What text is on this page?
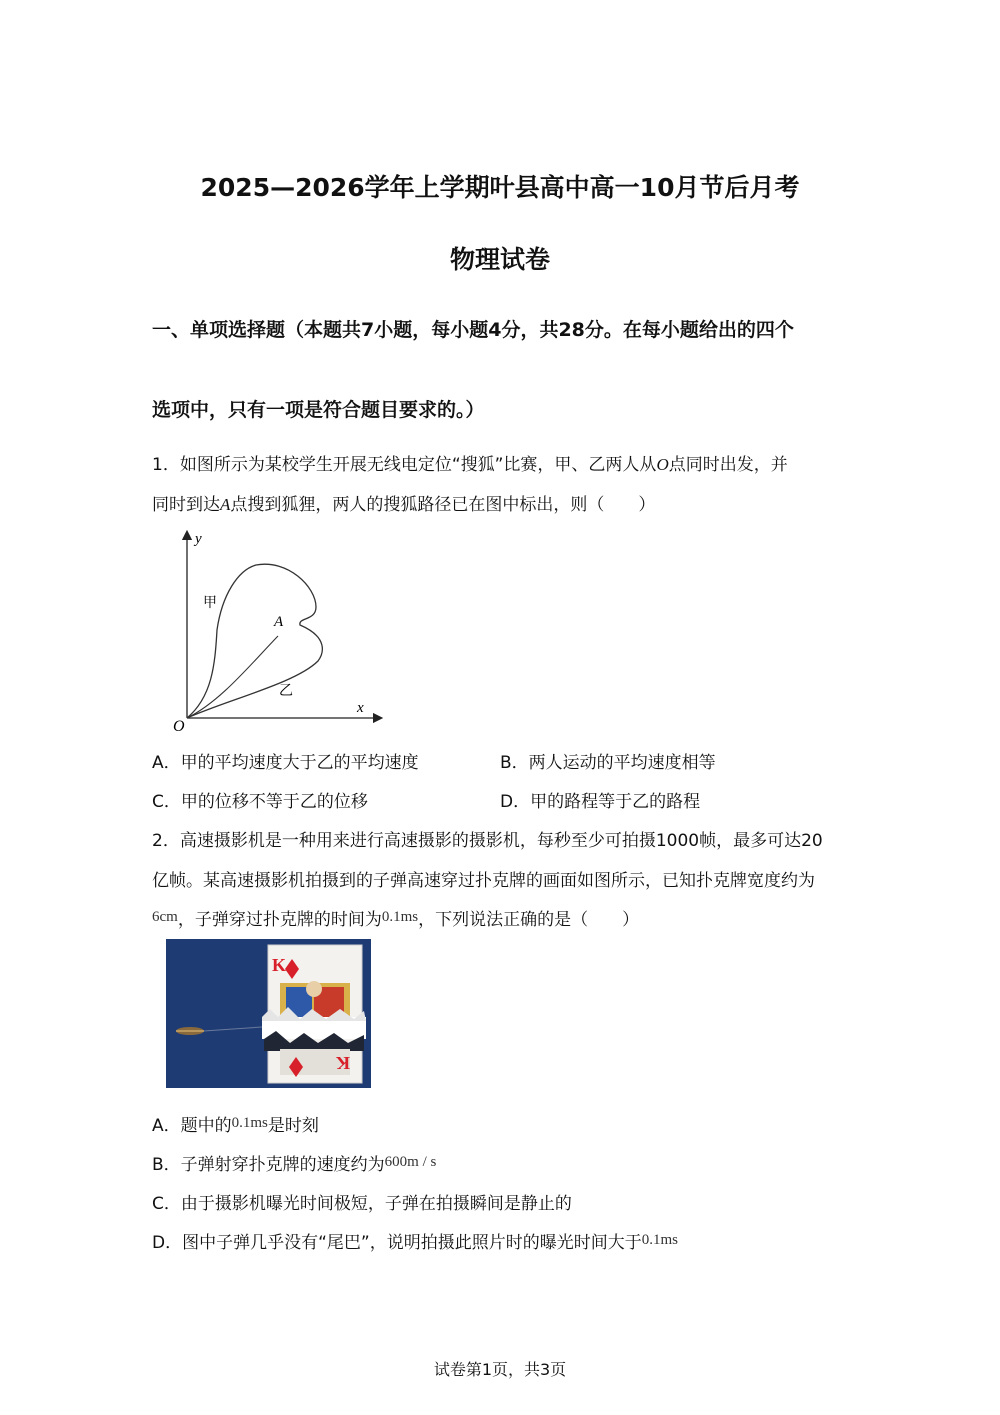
2025—2026学年上学期叶县高中高一10月节后月考
物理试卷
一、单项选择题（本题共7小题，每小题4分，共28分。在每小题给出的四个
选项中，只有一项是符合题目要求的。）
1．如图所示为某校学生开展无线电定位“搜狐”比赛，甲、乙两人从O点同时出发，并
同时到达A点搜到狐狸，两人的搜狐路径已在图中标出，则（　　）
y
x
O
A
甲
乙
A．甲的平均速度大于乙的平均速度	B．两人运动的平均速度相等
C．甲的位移不等于乙的位移	D．甲的路程等于乙的路程
2．高速摄影机是一种用来进行高速摄影的摄影机，每秒至少可拍摄1000帧，最多可达20
亿帧。某高速摄影机拍摄到的子弹高速穿过扑克牌的画面如图所示，已知扑克牌宽度约为
6cm，子弹穿过扑克牌的时间为0.1ms，下列说法正确的是（　　）
K
K
A．题中的0.1ms是时刻
B．子弹射穿扑克牌的速度约为600m / s
C．由于摄影机曝光时间极短，子弹在拍摄瞬间是静止的
D．图中子弹几乎没有“尾巴”，说明拍摄此照片时的曝光时间大于0.1ms
试卷第1页，共3页
